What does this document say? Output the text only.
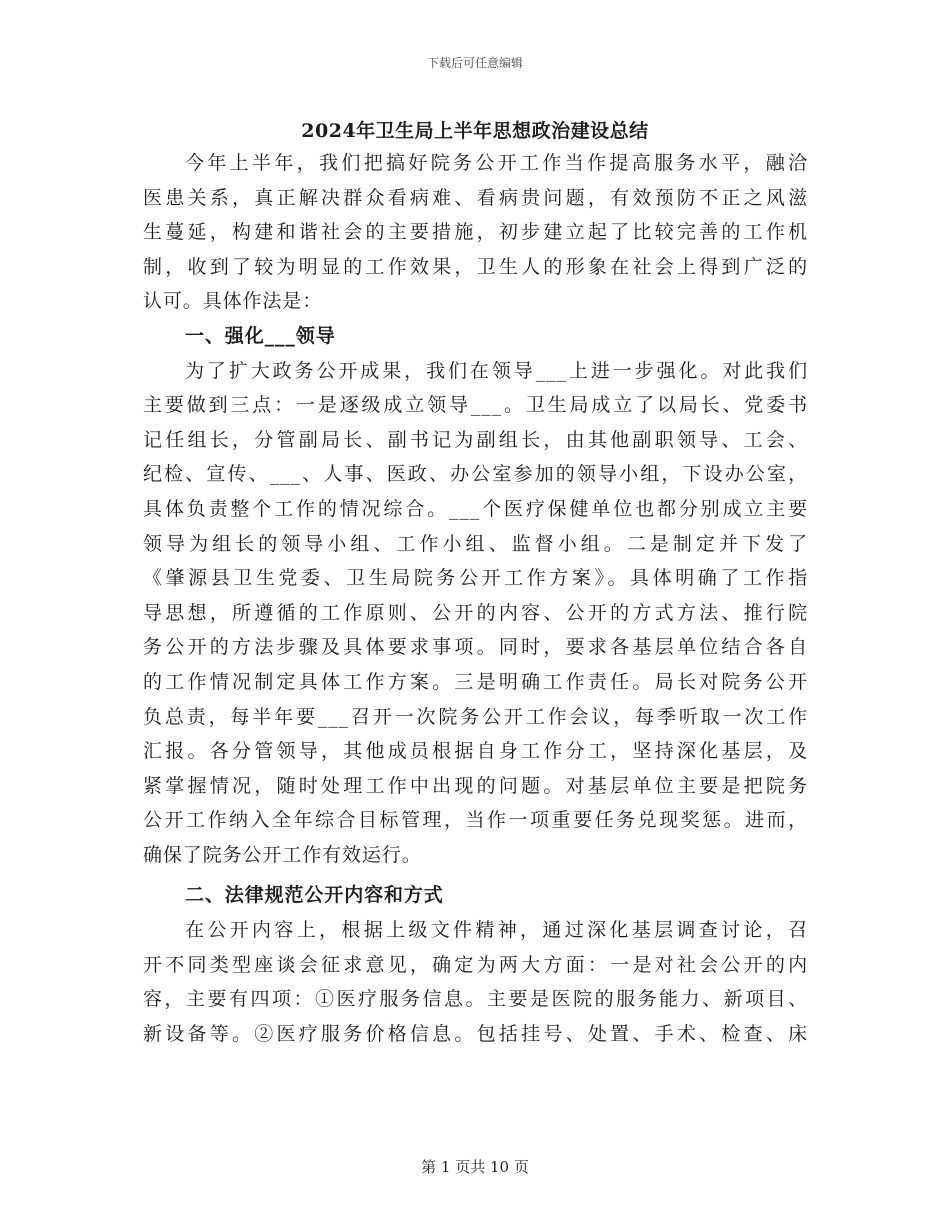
下载后可任意编辑
2024年卫生局上半年思想政治建设总结
今年上半年，我们把搞好院务公开工作当作提高服务水平，融洽
医患关系，真正解决群众看病难、看病贵问题，有效预防不正之风滋
生蔓延，构建和谐社会的主要措施，初步建立起了比较完善的工作机
制，收到了较为明显的工作效果，卫生人的形象在社会上得到广泛的
认可。具体作法是：
一、强化___领导
为了扩大政务公开成果，我们在领导___上进一步强化。对此我们
主要做到三点：一是逐级成立领导___。卫生局成立了以局长、党委书
记任组长，分管副局长、副书记为副组长，由其他副职领导、工会、
纪检、宣传、___、人事、医政、办公室参加的领导小组，下设办公室，
具体负责整个工作的情况综合。___个医疗保健单位也都分别成立主要
领导为组长的领导小组、工作小组、监督小组。二是制定并下发了
《肇源县卫生党委、卫生局院务公开工作方案》。具体明确了工作指
导思想，所遵循的工作原则、公开的内容、公开的方式方法、推行院
务公开的方法步骤及具体要求事项。同时，要求各基层单位结合各自
的工作情况制定具体工作方案。三是明确工作责任。局长对院务公开
负总责，每半年要___召开一次院务公开工作会议，每季听取一次工作
汇报。各分管领导，其他成员根据自身工作分工，坚持深化基层，及
紧掌握情况，随时处理工作中出现的问题。对基层单位主要是把院务
公开工作纳入全年综合目标管理，当作一项重要任务兑现奖惩。进而，
确保了院务公开工作有效运行。
二、法律规范公开内容和方式
在公开内容上，根据上级文件精神，通过深化基层调查讨论，召
开不同类型座谈会征求意见，确定为两大方面：一是对社会公开的内
容，主要有四项：①医疗服务信息。主要是医院的服务能力、新项目、
新设备等。②医疗服务价格信息。包括挂号、处置、手术、检查、床
第 1 页共 10 页
